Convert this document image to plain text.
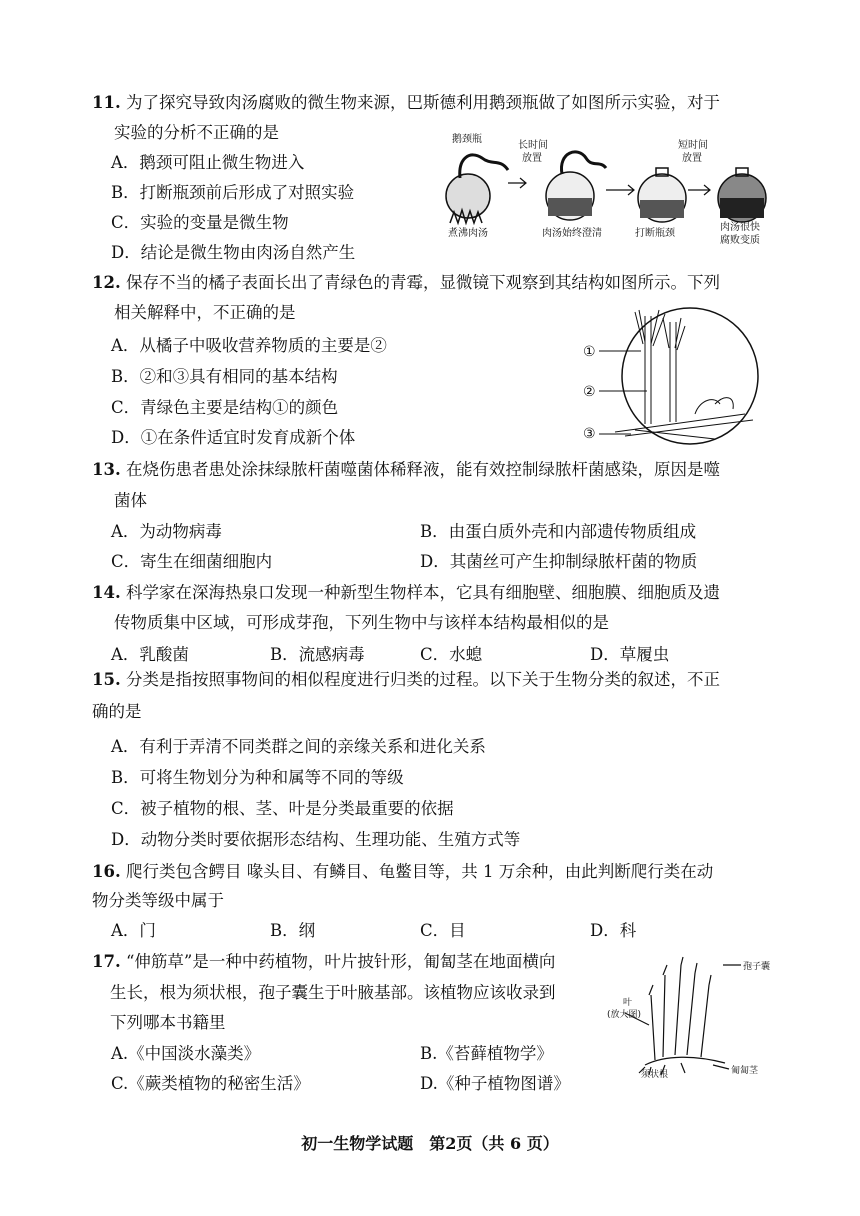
11. 为了探究导致肉汤腐败的微生物来源，巴斯德利用鹅颈瓶做了如图所示实验，对于
实验的分析不正确的是
A．鹅颈可阻止微生物进入
B．打断瓶颈前后形成了对照实验
C．实验的变量是微生物
D．结论是微生物由肉汤自然产生
鹅颈瓶
长时间
放置
短时间
放置
煮沸肉汤	肉汤始终澄清	打断瓶颈
肉汤很快
腐败变质
12. 保存不当的橘子表面长出了青绿色的青霉，显微镜下观察到其结构如图所示。下列
相关解释中，不正确的是
A．从橘子中吸收营养物质的主要是②
B．②和③具有相同的基本结构
C．青绿色主要是结构①的颜色
D．①在条件适宜时发育成新个体
①
②
③
13. 在烧伤患者患处涂抹绿脓杆菌噬菌体稀释液，能有效控制绿脓杆菌感染，原因是噬
菌体
A．为动物病毒	B．由蛋白质外壳和内部遗传物质组成
C．寄生在细菌细胞内	D．其菌丝可产生抑制绿脓杆菌的物质
14. 科学家在深海热泉口发现一种新型生物样本，它具有细胞壁、细胞膜、细胞质及遗
传物质集中区域，可形成芽孢，下列生物中与该样本结构最相似的是
A．乳酸菌	B．流感病毒	C．水螅	D．草履虫
15. 分类是指按照事物间的相似程度进行归类的过程。以下关于生物分类的叙述，不正
确的是
A．有利于弄清不同类群之间的亲缘关系和进化关系
B．可将生物划分为种和属等不同的等级
C．被子植物的根、茎、叶是分类最重要的依据
D．动物分类时要依据形态结构、生理功能、生殖方式等
16. 爬行类包含鳄目 喙头目、有鳞目、龟鳖目等，共 1 万余种，由此判断爬行类在动
物分类等级中属于
A．门	B．纲	C．目	D．科
17. “伸筋草”是一种中药植物，叶片披针形，匍匐茎在地面横向
生长，根为须状根，孢子囊生于叶腋基部。该植物应该收录到
下列哪本书籍里
A.《中国淡水藻类》	B.《苔藓植物学》
C.《蕨类植物的秘密生活》	D.《种子植物图谱》
孢子囊
叶
(放大图)
须状根	匍匐茎
初一生物学试题　第2页（共 6 页）
